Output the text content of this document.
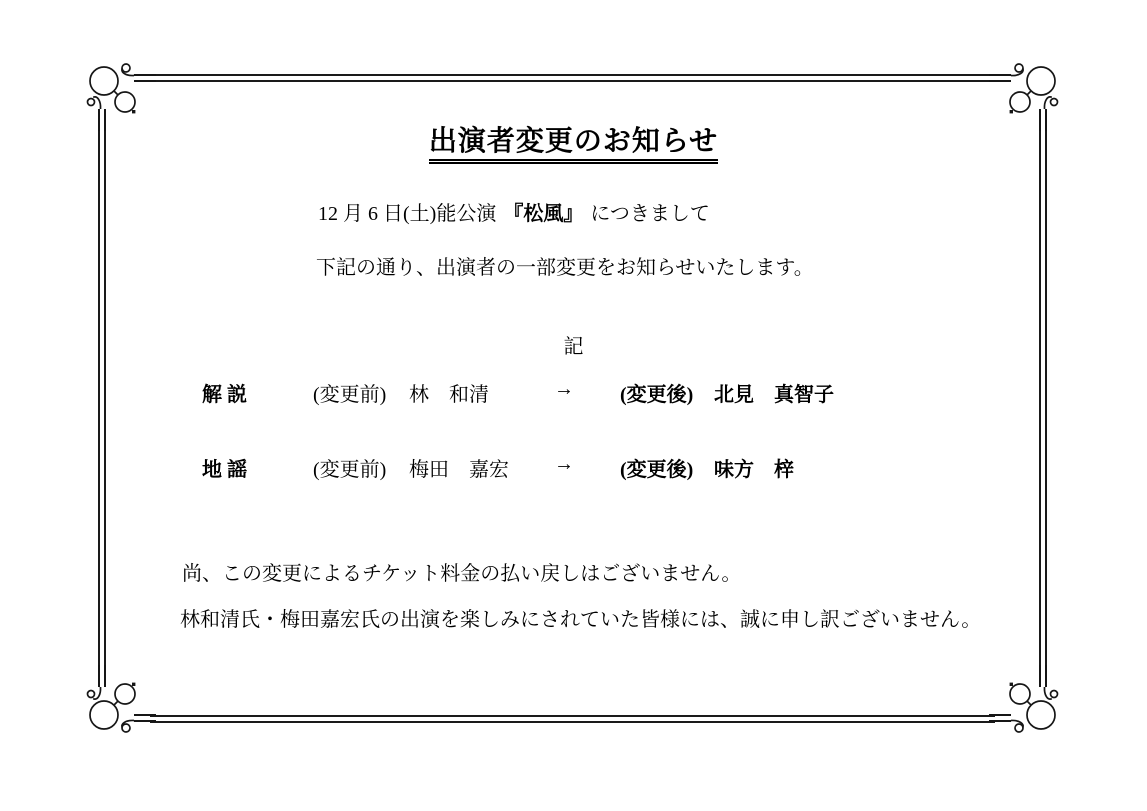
出演者変更のお知らせ
12 月 6 日(土)能公演 『松風』 につきまして
下記の通り、出演者の一部変更をお知らせいたします。
記
解 説	(変更前) 林　和清	→ (変更後) 北見　真智子
地 謡	(変更前) 梅田　嘉宏 → (変更後) 味方　梓
尚、この変更によるチケット料金の払い戻しはございません。
林和清氏・梅田嘉宏氏の出演を楽しみにされていた皆様には、誠に申し訳ございません。
